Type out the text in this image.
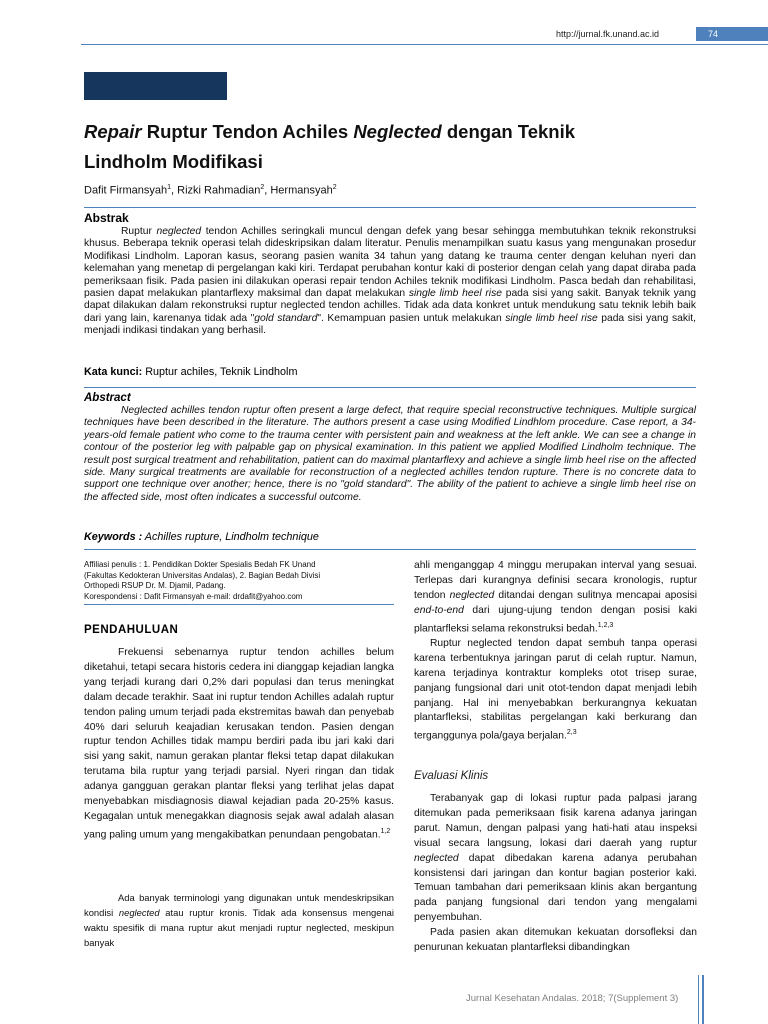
http://jurnal.fk.unand.ac.id	74
Repair Ruptur Tendon Achiles Neglected dengan Teknik
Lindholm Modifikasi
Dafit Firmansyah$^1$, Rizki Rahmadian$^2$, Hermansyah$^2$
Abstrak

Ruptur neglected tendon Achilles seringkali muncul dengan defek yang besar sehingga membutuhkan teknik rekonstruksi khusus. Beberapa teknik operasi telah dideskripsikan dalam literatur. Penulis menampilkan suatu kasus yang mengunakan prosedur Modifikasi Lindholm. Laporan kasus, seorang pasien wanita 34 tahun yang datang ke trauma center dengan keluhan nyeri dan kelemahan yang menetap di pergelangan kaki kiri. Terdapat perubahan kontur kaki di posterior dengan celah yang dapat diraba pada pemeriksaan fisik. Pada pasien ini dilakukan operasi repair tendon Achiles teknik modifikasi Lindholm. Pasca bedah dan rehabilitasi, pasien dapat melakukan plantarflexy maksimal dan dapat melakukan single limb heel rise pada sisi yang sakit. Banyak teknik yang dapat dilakukan dalam rekonstruksi ruptur neglected tendon achilles. Tidak ada data konkret untuk mendukung satu teknik lebih baik dari yang lain, karenanya tidak ada "gold standard". Kemampuan pasien untuk melakukan single limb heel rise pada sisi yang sakit, menjadi indikasi tindakan yang berhasil.

Kata kunci: Ruptur achiles, Teknik Lindholm
Abstract

Neglected achilles tendon ruptur often present a large defect, that require special reconstructive techniques. Multiple surgical techniques have been described in the literature. The authors present a case using Modified Lindhlom procedure. Case report, a 34-years-old female patient who come to the trauma center with persistent pain and weakness at the left ankle. We can see a change in contour of the posterior leg with palpable gap on physical examination. In this patient we applied Modified Lindholm technique. The result post surgical treatment and rehabilitation, patient can do maximal plantarflexy and achieve a single limb heel rise on the affected side. Many surgical treatments are available for reconstruction of a neglected achilles tendon rupture. There is no concrete data to support one technique over another; hence, there is no "gold standard". The ability of the patient to achieve a single limb heel rise on the affected side, most often indicates a successful outcome.

Keywords : Achilles rupture, Lindholm technique
Affiliasi penulis : 1. Pendidikan Dokter Spesialis Bedah FK Unand
(Fakultas Kedokteran Universitas Andalas), 2. Bagian Bedah Divisi
Orthopedi RSUP Dr. M. Djamil, Padang.
Korespondensi : Dafit Firmansyah e-mail: drdafit@yahoo.com
PENDAHULUAN

Frekuensi sebenarnya ruptur tendon achilles belum diketahui, tetapi secara historis cedera ini dianggap kejadian langka yang terjadi kurang dari 0,2% dari populasi dan terus meningkat dalam decade terakhir. Saat ini ruptur tendon Achilles adalah ruptur tendon paling umum terjadi pada ekstremitas bawah dan penyebab 40% dari seluruh keajadian kerusakan tendon. Pasien dengan ruptur tendon Achilles tidak mampu berdiri pada ibu jari kaki dari sisi yang sakit, namun gerakan plantar fleksi tetap dapat dilakukan terutama bila ruptur yang terjadi parsial. Nyeri ringan dan tidak adanya gangguan gerakan plantar fleksi yang terlihat jelas dapat menyebabkan misdiagnosis diawal kejadian pada 20-25% kasus. Kegagalan untuk menegakkan diagnosis sejak awal adalah alasan yang paling umum yang mengakibatkan penundaan pengobatan.$^{1,2}$

Ada banyak terminologi yang digunakan untuk mendeskripsikan kondisi neglected atau ruptur kronis. Tidak ada konsensus mengenai waktu spesifik di mana ruptur akut menjadi ruptur neglected, meskipun banyak

ahli menganggap 4 minggu merupakan interval yang sesuai. Terlepas dari kurangnya definisi secara kronologis, ruptur tendon neglected ditandai dengan sulitnya mencapai aposisi end-to-end dari ujung-ujung tendon dengan posisi kaki plantarfleksi selama rekonstruksi bedah.$^{1,2,3}$

Ruptur neglected tendon dapat sembuh tanpa operasi karena terbentuknya jaringan parut di celah ruptur. Namun, karena terjadinya kontraktur kompleks otot trisep surae, panjang fungsional dari unit otot-tendon dapat menjadi lebih panjang. Hal ini menyebabkan berkurangnya kekuatan plantarfleksi, stabilitas pergelangan kaki berkurang dan terganggunya pola/gaya berjalan.$^{2,3}$

Evaluasi Klinis

Terabanyak gap di lokasi ruptur pada palpasi jarang ditemukan pada pemeriksaan fisik karena adanya jaringan parut. Namun, dengan palpasi yang hati-hati atau inspeksi visual secara langsung, lokasi dari daerah yang ruptur neglected dapat dibedakan karena adanya perubahan konsistensi dari jaringan dan kontur bagian posterior kaki. Temuan tambahan dari pemeriksaan klinis akan bergantung pada panjang fungsional dari tendon yang mengalami penyembuhan.

Pada pasien akan ditemukan kekuatan dorsofleksi dan penurunan kekuatan plantarfleksi dibandingkan

Jurnal Kesehatan Andalas. 2018; 7(Supplement 3)
